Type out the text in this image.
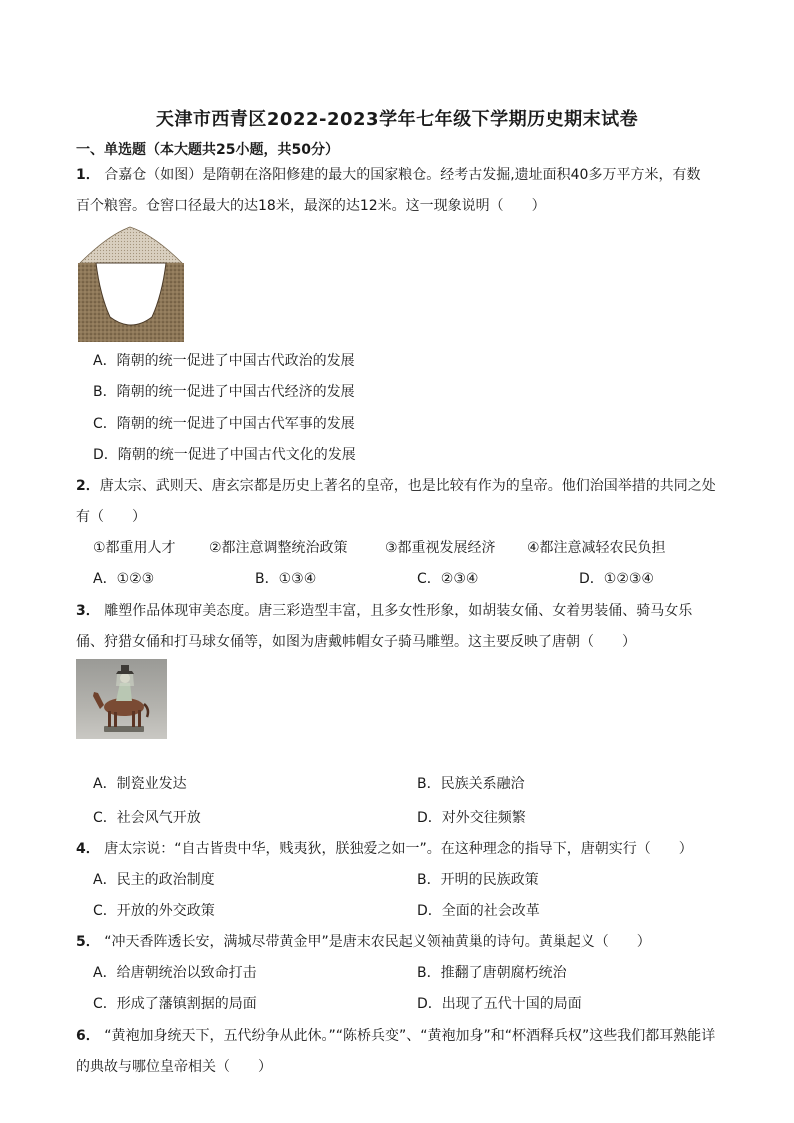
天津市西青区2022-2023学年七年级下学期历史期末试卷
一、单选题（本大题共25小题，共50分）
1． 合嘉仓（如图）是隋朝在洛阳修建的最大的国家粮仓。经考古发掘,遗址面积40多万平方米，有数
百个粮窖。仓窖口径最大的达18米，最深的达12米。这一现象说明（　　）
A．隋朝的统一促进了中国古代政治的发展
B．隋朝的统一促进了中国古代经济的发展
C．隋朝的统一促进了中国古代军事的发展
D．隋朝的统一促进了中国古代文化的发展
2．唐太宗、武则天、唐玄宗都是历史上著名的皇帝，也是比较有作为的皇帝。他们治国举措的共同之处
有（　　）
①都重用人才 ②都注意调整统治政策	③都重视发展经济 ④都注意减轻农民负担
A．①②③	B．①③④	C．②③④	D．①②③④
3． 雕塑作品体现审美态度。唐三彩造型丰富，且多女性形象，如胡装女俑、女着男装俑、骑马女乐
俑、狩猎女俑和打马球女俑等，如图为唐戴帏帽女子骑马雕塑。这主要反映了唐朝（　　）
A．制瓷业发达	B．民族关系融洽
C．社会风气开放	D．对外交往频繁
4． 唐太宗说：“自古皆贵中华，贱夷狄，朕独爱之如一”。在这种理念的指导下，唐朝实行（　　）
A．民主的政治制度	B．开明的民族政策
C．开放的外交政策	D．全面的社会改革
5． “冲天香阵透长安，满城尽带黄金甲”是唐末农民起义领袖黄巢的诗句。黄巢起义（　　）
A．给唐朝统治以致命打击	B．推翻了唐朝腐朽统治
C．形成了藩镇割据的局面	D．出现了五代十国的局面
6． “黄袍加身统天下，五代纷争从此休。”“陈桥兵变”、“黄袍加身”和“杯酒释兵权”这些我们都耳熟能详
的典故与哪位皇帝相关（　　）
